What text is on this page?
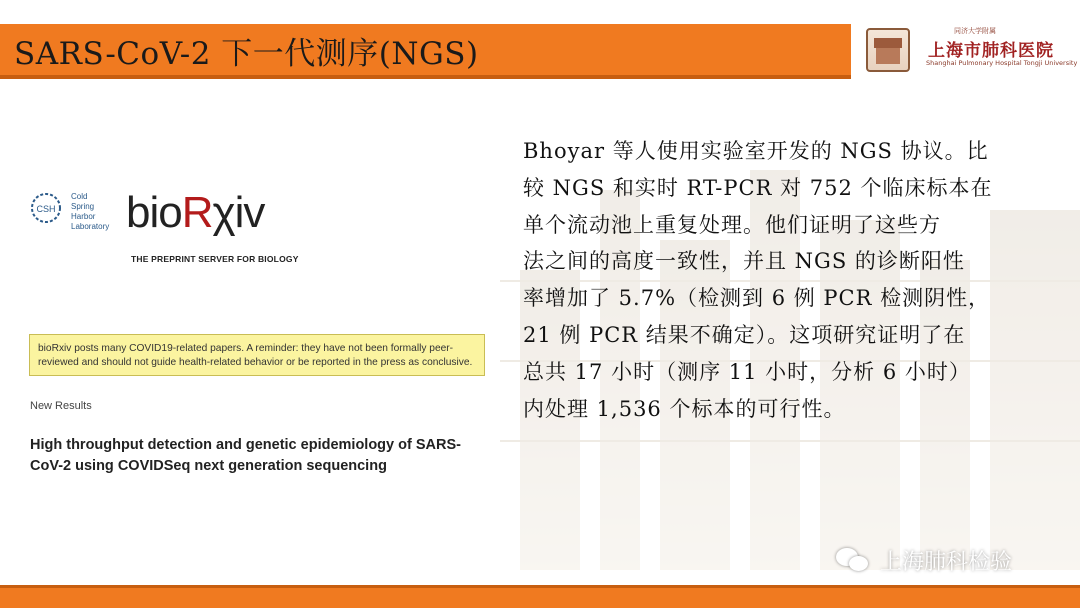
SARS-CoV-2 下一代测序(NGS)
同济大学附属
上海市肺科医院
Shanghai Pulmonary Hospital Tongji University
CSH
Cold
Spring
Harbor
Laboratory bioRχiv
THE PREPRINT SERVER FOR BIOLOGY
bioRxiv posts many COVID19-related papers. A reminder: they have not been formally peer-reviewed and should not guide health-related behavior or be reported in the press as conclusive.
New Results
High throughput detection and genetic epidemiology of SARS-CoV-2 using COVIDSeq next generation sequencing
Bhoyar 等人使用实验室开发的 NGS 协议。比
较 NGS 和实时 RT-PCR 对 752 个临床标本在
单个流动池上重复处理。他们证明了这些方
法之间的高度一致性，并且 NGS 的诊断阳性
率增加了 5.7%（检测到 6 例 PCR 检测阴性，
21 例 PCR 结果不确定）。这项研究证明了在
总共 17 小时（测序 11 小时，分析 6 小时）
内处理 1,536 个标本的可行性。
上海肺科检验
